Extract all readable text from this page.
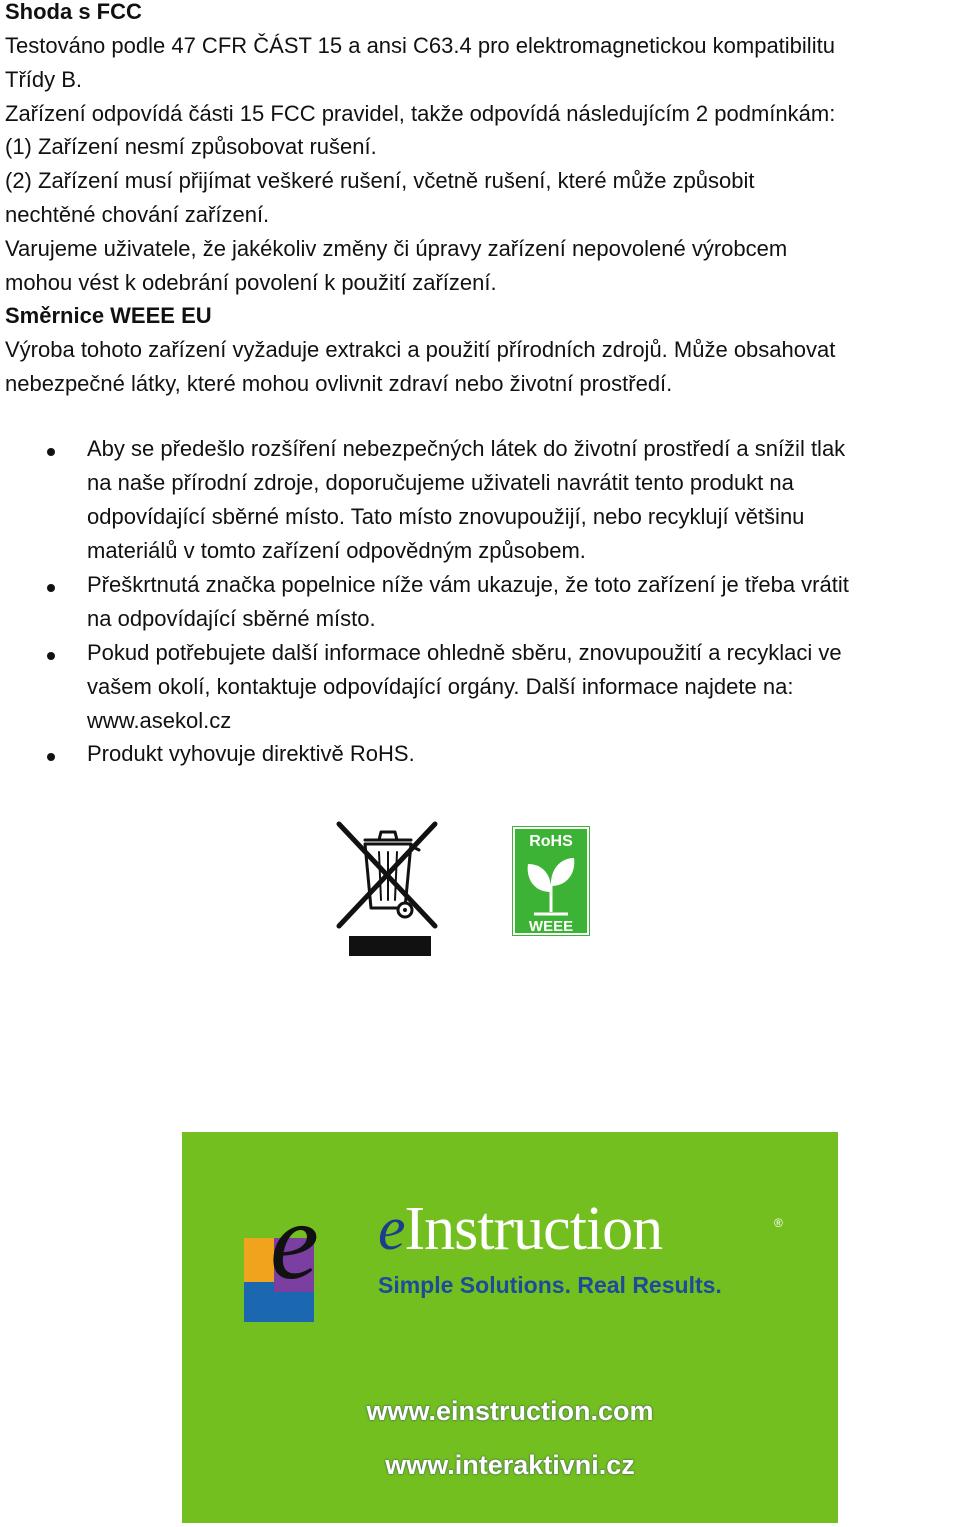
Shoda s FCC
Testováno podle 47 CFR ČÁST 15 a ansi C63.4 pro elektromagnetickou kompatibilitu
Třídy B.
Zařízení odpovídá části 15 FCC pravidel, takže odpovídá následujícím 2 podmínkám:
(1) Zařízení nesmí způsobovat rušení.
(2) Zařízení musí přijímat veškeré rušení, včetně rušení, které může způsobit
nechtěné chování zařízení.
Varujeme uživatele, že jakékoliv změny či úpravy zařízení nepovolené výrobcem
mohou vést k odebrání povolení k použití zařízení.
Směrnice WEEE EU
Výroba tohoto zařízení vyžaduje extrakci a použití přírodních zdrojů. Může obsahovat
nebezpečné látky, které mohou ovlivnit zdraví nebo životní prostředí.
Aby se předešlo rozšíření nebezpečných látek do životní prostředí a snížil tlak
na naše přírodní zdroje, doporučujeme uživateli navrátit tento produkt na
odpovídající sběrné místo. Tato místo znovupoužijí, nebo recyklují většinu
materiálů v tomto zařízení odpovědným způsobem.
Přeškrtnutá značka popelnice níže vám ukazuje, že toto zařízení je třeba vrátit
na odpovídající sběrné místo.
Pokud potřebujete další informace ohledně sběru, znovupoužití a recyklaci ve
vašem okolí, kontaktuje odpovídající orgány. Další informace najdete na:
www.asekol.cz
Produkt vyhovuje direktivě RoHS.
RoHS
WEEE
e eInstruction	®
Simple Solutions. Real Results.
www.einstruction.com
www.interaktivni.cz
